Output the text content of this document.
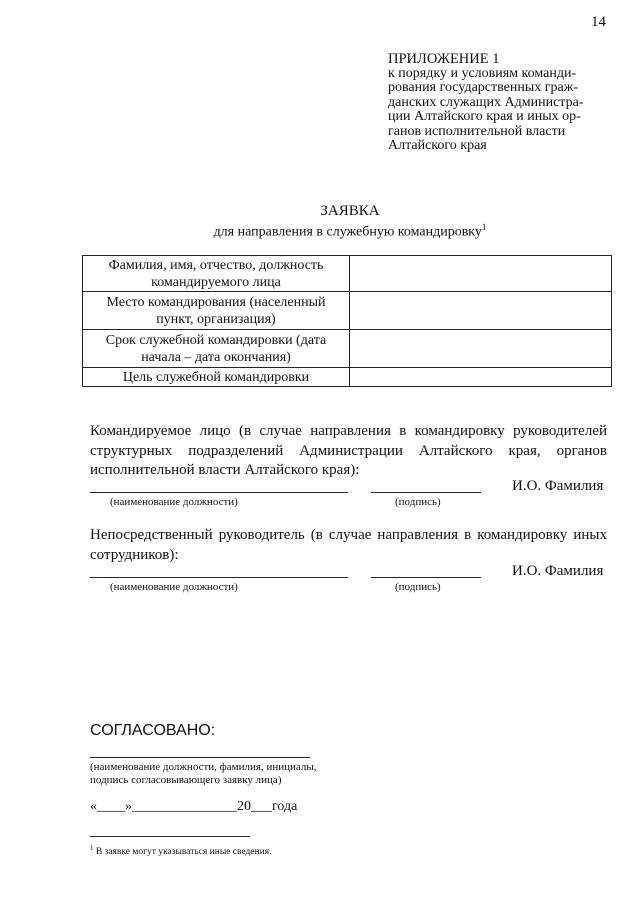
14
ПРИЛОЖЕНИЕ 1
к порядку и условиям команди-
рования государственных граж-
данских служащих Администра-
ции Алтайского края и иных ор-
ганов исполнительной власти
Алтайского края
ЗАЯВКА
для направления в служебную командировку$^1$
Фамилия, имя, отчество, должность командируемого лица	
Место командирования (населенный пункт, организация)	
Срок служебной командировки (дата начала – дата окончания)	
Цель служебной командировки	
Командируемое лицо (в случае направления в командировку руководителей структурных подразделений Администрации Алтайского края, органов исполнительной власти Алтайского края):
И.О. Фамилия
(наименование должности)	(подпись)
Непосредственный руководитель (в случае направления в командировку иных сотрудников):
И.О. Фамилия
(наименование должности)	(подпись)
СОГЛАСОВАНО:
(наименование должности, фамилия, инициалы, подпись согласовывающего заявку лица)
«____»_______________20___года
$^1$ В заявке могут указываться иные сведения.
